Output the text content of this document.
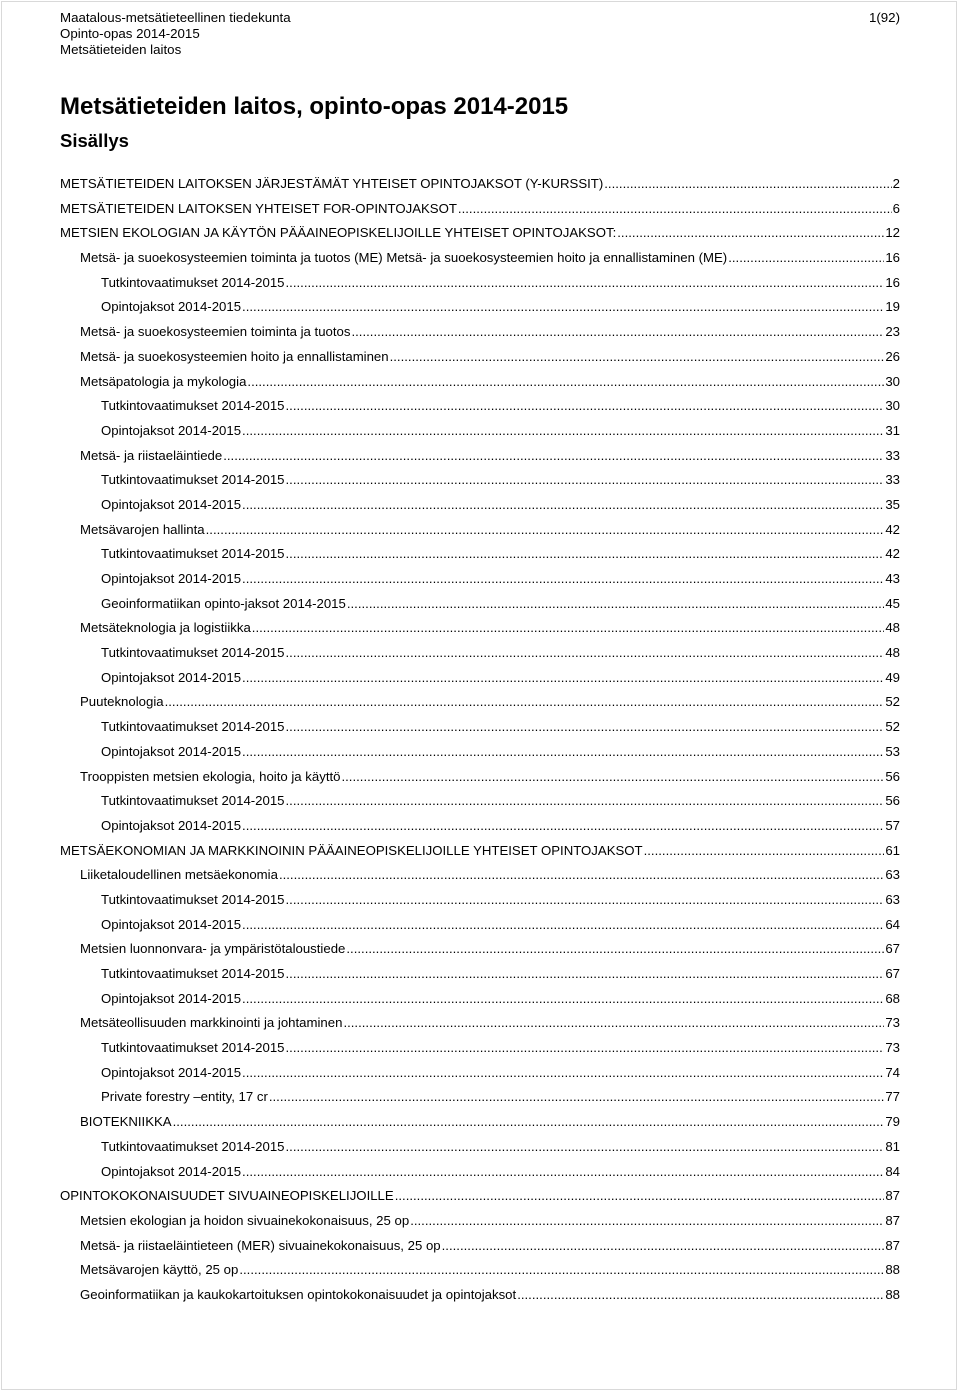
Maatalous-metsätieteellinen tiedekunta
Opinto-opas 2014-2015
Metsätieteiden laitos
1(92)
Metsätieteiden laitos, opinto-opas 2014-2015
Sisällys
METSÄTIETEIDEN LAITOKSEN JÄRJESTÄMÄT YHTEISET OPINTOJAKSOT (Y-KURSSIT) .....	2
METSÄTIETEIDEN LAITOKSEN YHTEISET FOR-OPINTOJAKSOT .....	6
METSIEN EKOLOGIAN JA KÄYTÖN PÄÄAINEOPISKELIJOILLE YHTEISET OPINTOJAKSOT: .....	12
Metsä- ja suoekosysteemien toiminta ja tuotos (ME) Metsä- ja suoekosysteemien hoito ja ennallistaminen (ME) .....	16
Tutkintovaatimukset 2014-2015 .....	16
Opintojaksot 2014-2015 .....	19
Metsä- ja suoekosysteemien toiminta ja tuotos .....	23
Metsä- ja suoekosysteemien hoito ja ennallistaminen .....	26
Metsäpatologia ja mykologia .....	30
Tutkintovaatimukset 2014-2015 .....	30
Opintojaksot 2014-2015 .....	31
Metsä- ja riistaeläintiede .....	33
Tutkintovaatimukset 2014-2015 .....	33
Opintojaksot 2014-2015 .....	35
Metsävarojen hallinta .....	42
Tutkintovaatimukset 2014-2015 .....	42
Opintojaksot 2014-2015 .....	43
Geoinformatiikan opinto-jaksot 2014-2015 .....	45
Metsäteknologia ja logistiikka .....	48
Tutkintovaatimukset 2014-2015 .....	48
Opintojaksot 2014-2015 .....	49
Puuteknologia .....	52
Tutkintovaatimukset 2014-2015 .....	52
Opintojaksot 2014-2015 .....	53
Trooppisten metsien ekologia, hoito ja käyttö .....	56
Tutkintovaatimukset 2014-2015 .....	56
Opintojaksot 2014-2015 .....	57
METSÄEKONOMIAN JA MARKKINOININ PÄÄAINEOPISKELIJOILLE YHTEISET OPINTOJAKSOT .....	61
Liiketaloudellinen metsäekonomia .....	63
Tutkintovaatimukset 2014-2015 .....	63
Opintojaksot 2014-2015 .....	64
Metsien luonnonvara- ja ympäristötaloustiede .....	67
Tutkintovaatimukset 2014-2015 .....	67
Opintojaksot 2014-2015 .....	68
Metsäteollisuuden markkinointi ja johtaminen .....	73
Tutkintovaatimukset 2014-2015 .....	73
Opintojaksot 2014-2015 .....	74
Private forestry –entity, 17 cr .....	77
BIOTEKNIIKKA .....	79
Tutkintovaatimukset 2014-2015 .....	81
Opintojaksot 2014-2015 .....	84
OPINTOKOKONAISUUDET SIVUAINEOPISKELIJOILLE .....	87
Metsien ekologian ja hoidon sivuainekokonaisuus, 25 op .....	87
Metsä- ja riistaeläintieteen (MER) sivuainekokonaisuus, 25 op .....	87
Metsävarojen käyttö, 25 op .....	88
Geoinformatiikan ja kaukokartoituksen opintokokonaisuudet ja opintojaksot .....	88
